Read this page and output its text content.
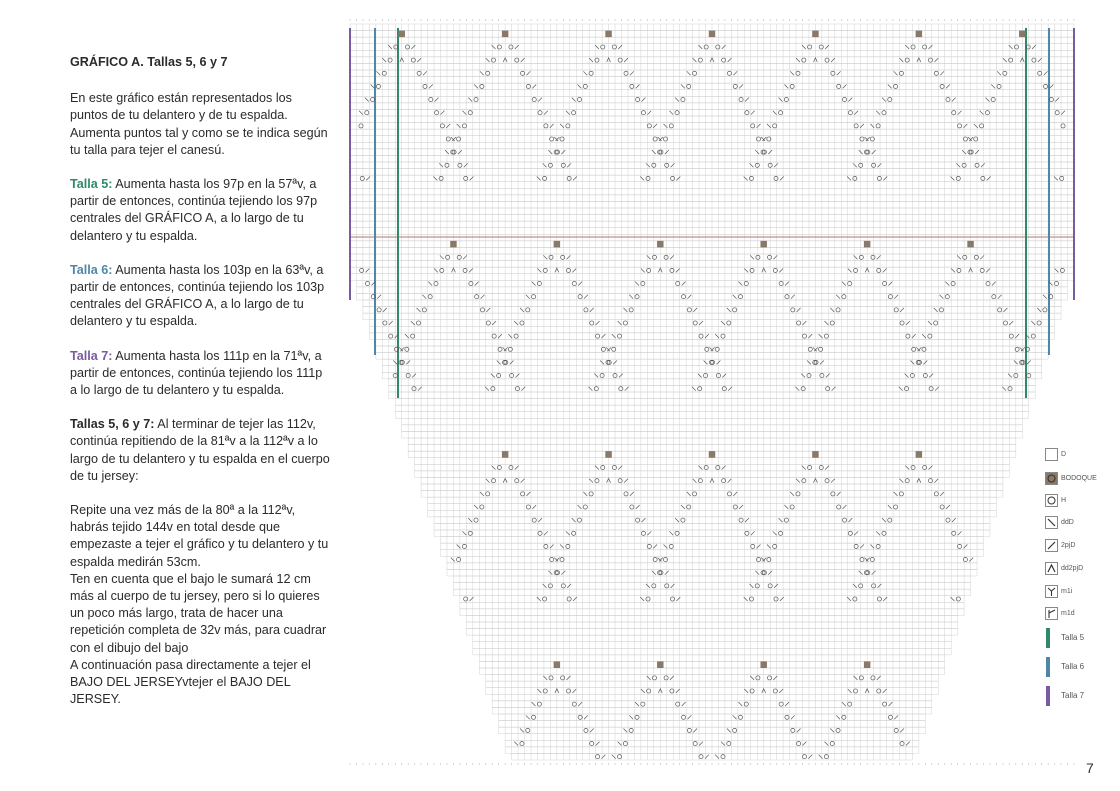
GRÁFICO A. Tallas 5, 6 y 7

En este gráfico están representados los puntos de tu delantero y de tu espalda. Aumenta puntos tal y como se te indica según tu talla para tejer el canesú.

Talla 5: Aumenta hasta los 97p en la 57ªv, a partir de entonces, continúa tejiendo los 97p centrales del GRÁFICO A, a lo largo de tu delantero y tu espalda.

Talla 6: Aumenta hasta los 103p en la 63ªv, a partir de entonces, continúa tejiendo los 103p centrales del GRÁFICO A, a lo largo de tu delantero y tu espalda.

Talla 7: Aumenta hasta los 111p en la 71ªv, a partir de entonces, continúa tejiendo los 111p a lo largo de tu delantero y tu espalda.

Tallas 5, 6 y 7: Al terminar de tejer las 112v, continúa repitiendo de la 81ªv a la 112ªv a lo largo de tu delantero y tu espalda en el cuerpo de tu jersey:

Repite una vez más de la 80ª a la 112ªv, habrás tejido 144v en total desde que empezaste a tejer el gráfico y tu delantero y tu espalda medirán 53cm.

Ten en cuenta que el bajo le sumará 12 cm más al cuerpo de tu jersey, pero si lo quieres un poco más largo, trata de hacer una repetición completa de 32v más, para cuadrar con el dibujo del bajo

A continuación pasa directamente a tejer el BAJO DEL JERSEYvtejer el BAJO DEL JERSEY.

D
BODOQUE
H
ddD
2pjD
dd2pjD
m1i
m1d
Talla 5
Talla 6
Talla 7
7
